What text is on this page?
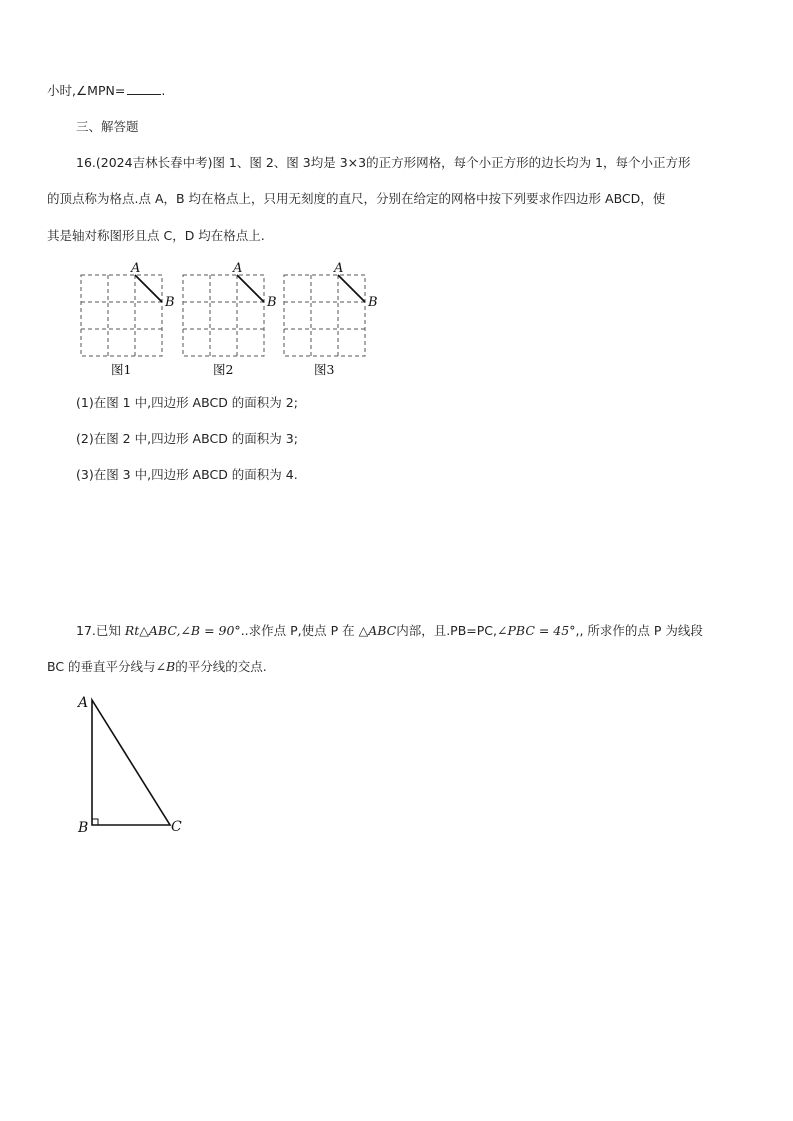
小时,∠MPN=	.
三、解答题
16.(2024吉林长春中考)图 1、图 2、图 3均是 3×3的正方形网格，每个小正方形的边长均为 1，每个小正方形
的顶点称为格点.点 A，B 均在格点上，只用无刻度的直尺，分别在给定的网格中按下列要求作四边形 ABCD，使
其是轴对称图形且点 C，D 均在格点上.
A
B
图1
A
B
图2
A
B
图3
(1)在图 1 中,四边形 ABCD 的面积为 2;
(2)在图 2 中,四边形 ABCD 的面积为 3;
(3)在图 3 中,四边形 ABCD 的面积为 4.
17.已知 Rt△ABC,∠B = 90°..求作点 P,使点 P 在 △ABC内部，且.PB=PC,∠PBC = 45°,, 所求作的点 P 为线段
BC 的垂直平分线与∠B的平分线的交点.
A
B	C
